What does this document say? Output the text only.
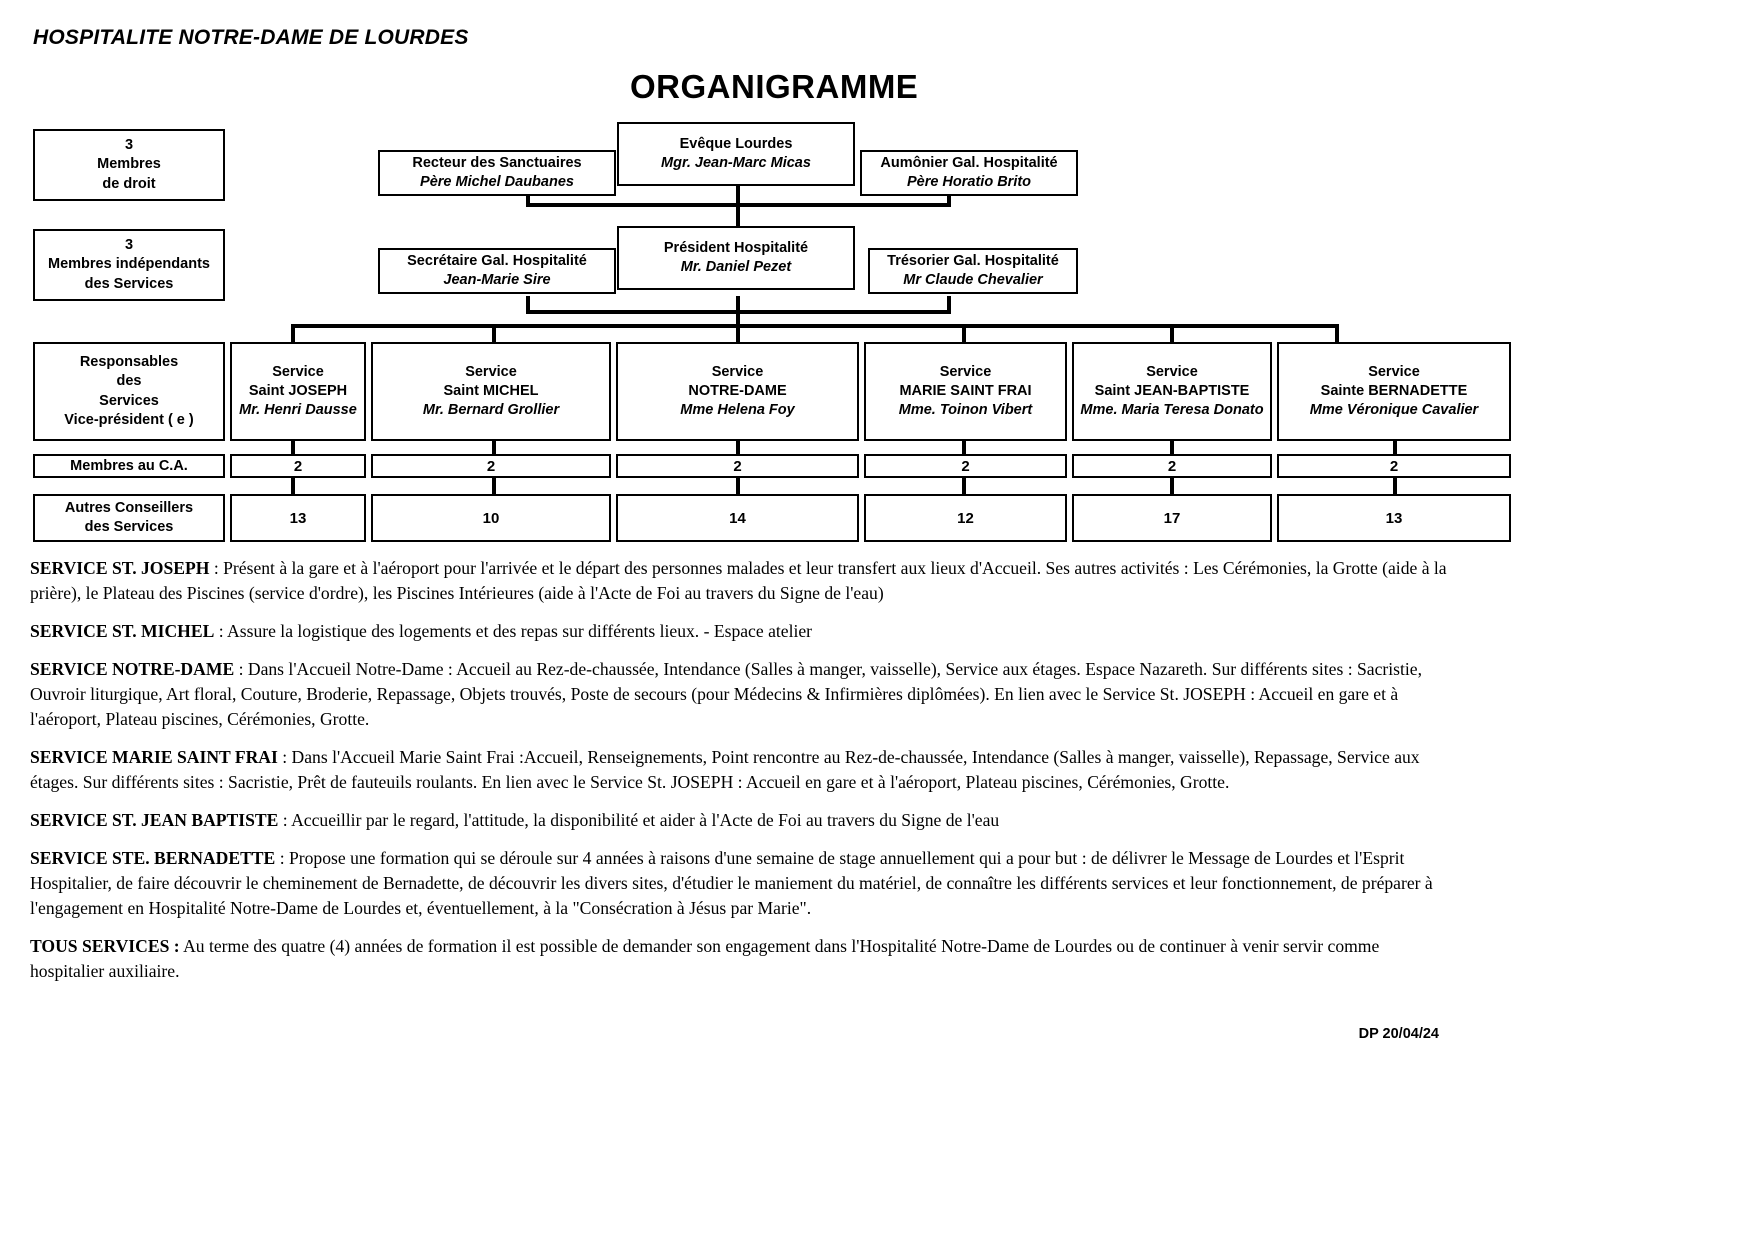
HOSPITALITE NOTRE-DAME DE LOURDES
ORGANIGRAMME
3
Membres
de droit
3
Membres indépendants
des Services
Responsables
des
Services
Vice-président ( e )
Evêque Lourdes
Mgr. Jean-Marc Micas
Recteur des Sanctuaires
Père Michel Daubanes
Aumônier Gal. Hospitalité
Père Horatio Brito
Président Hospitalité
Mr. Daniel Pezet
Secrétaire Gal. Hospitalité
Jean-Marie Sire
Trésorier Gal. Hospitalité
Mr Claude Chevalier
Service
Saint JOSEPH
Mr. Henri Dausse
Service
Saint MICHEL
Mr. Bernard Grollier
Service
NOTRE-DAME
Mme Helena Foy
Service
MARIE SAINT FRAI
Mme. Toinon Vibert
Service
Saint JEAN-BAPTISTE
Mme. Maria Teresa Donato
Service
Sainte BERNADETTE
Mme Véronique Cavalier
Membres au C.A.	2	2	2	2	2	2
Autres Conseillers
des Services
13	10	14	12	17	13

SERVICE ST. JOSEPH : Présent à la gare et à l'aéroport pour l'arrivée et le départ des personnes malades et leur transfert aux lieux d'Accueil. Ses autres activités : Les Cérémonies, la Grotte (aide à la prière), le Plateau des Piscines (service d'ordre), les Piscines Intérieures (aide à l'Acte de Foi au travers du Signe de l'eau)

SERVICE ST. MICHEL : Assure la logistique des logements et des repas sur différents lieux. - Espace atelier

SERVICE NOTRE-DAME : Dans l'Accueil Notre-Dame : Accueil au Rez-de-chaussée, Intendance (Salles à manger, vaisselle), Service aux étages. Espace Nazareth. Sur différents sites : Sacristie, Ouvroir liturgique, Art floral, Couture, Broderie, Repassage, Objets trouvés, Poste de secours (pour Médecins & Infirmières diplômées). En lien avec le Service St. JOSEPH : Accueil en gare et à l'aéroport, Plateau piscines, Cérémonies, Grotte.

SERVICE MARIE SAINT FRAI : Dans l'Accueil Marie Saint Frai :Accueil, Renseignements, Point rencontre au Rez-de-chaussée, Intendance (Salles à manger, vaisselle), Repassage, Service aux étages. Sur différents sites : Sacristie, Prêt de fauteuils roulants. En lien avec le Service St. JOSEPH : Accueil en gare et à l'aéroport, Plateau piscines, Cérémonies, Grotte.

SERVICE ST. JEAN BAPTISTE : Accueillir par le regard, l'attitude, la disponibilité et aider à l'Acte de Foi au travers du Signe de l'eau

SERVICE STE. BERNADETTE : Propose une formation qui se déroule sur 4 années à raisons d'une semaine de stage annuellement qui a pour but : de délivrer le Message de Lourdes et l'Esprit Hospitalier, de faire découvrir le cheminement de Bernadette, de découvrir les divers sites, d'étudier le maniement du matériel, de connaître les différents services et leur fonctionnement, de préparer à l'engagement en Hospitalité Notre-Dame de Lourdes et, éventuellement, à la "Consécration à Jésus par Marie".

TOUS SERVICES : Au terme des quatre (4) années de formation il est possible de demander son engagement dans l'Hospitalité Notre-Dame de Lourdes ou de continuer à venir servir comme hospitalier auxiliaire.

DP 20/04/24
